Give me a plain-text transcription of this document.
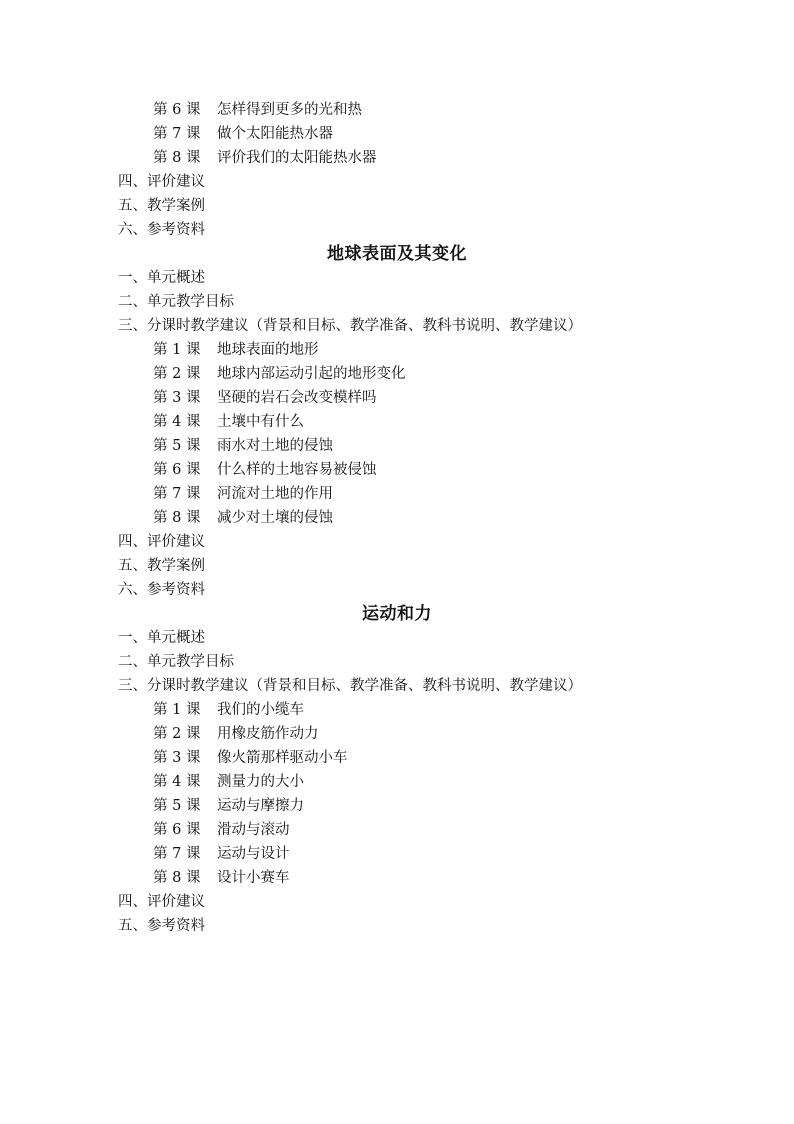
第 6 课 怎样得到更多的光和热
第 7 课 做个太阳能热水器
第 8 课 评价我们的太阳能热水器
四、评价建议
五、教学案例
六、参考资料
地球表面及其变化
一、单元概述
二、单元教学目标
三、分课时教学建议（背景和目标、教学准备、教科书说明、教学建议）
第 1 课 地球表面的地形
第 2 课 地球内部运动引起的地形变化
第 3 课 坚硬的岩石会改变模样吗
第 4 课 土壤中有什么
第 5 课 雨水对土地的侵蚀
第 6 课 什么样的土地容易被侵蚀
第 7 课 河流对土地的作用
第 8 课 减少对土壤的侵蚀
四、评价建议
五、教学案例
六、参考资料
运动和力
一、单元概述
二、单元教学目标
三、分课时教学建议（背景和目标、教学准备、教科书说明、教学建议）
第 1 课 我们的小缆车
第 2 课 用橡皮筋作动力
第 3 课 像火箭那样驱动小车
第 4 课 测量力的大小
第 5 课 运动与摩擦力
第 6 课 滑动与滚动
第 7 课 运动与设计
第 8 课 设计小赛车
四、评价建议
五、参考资料
